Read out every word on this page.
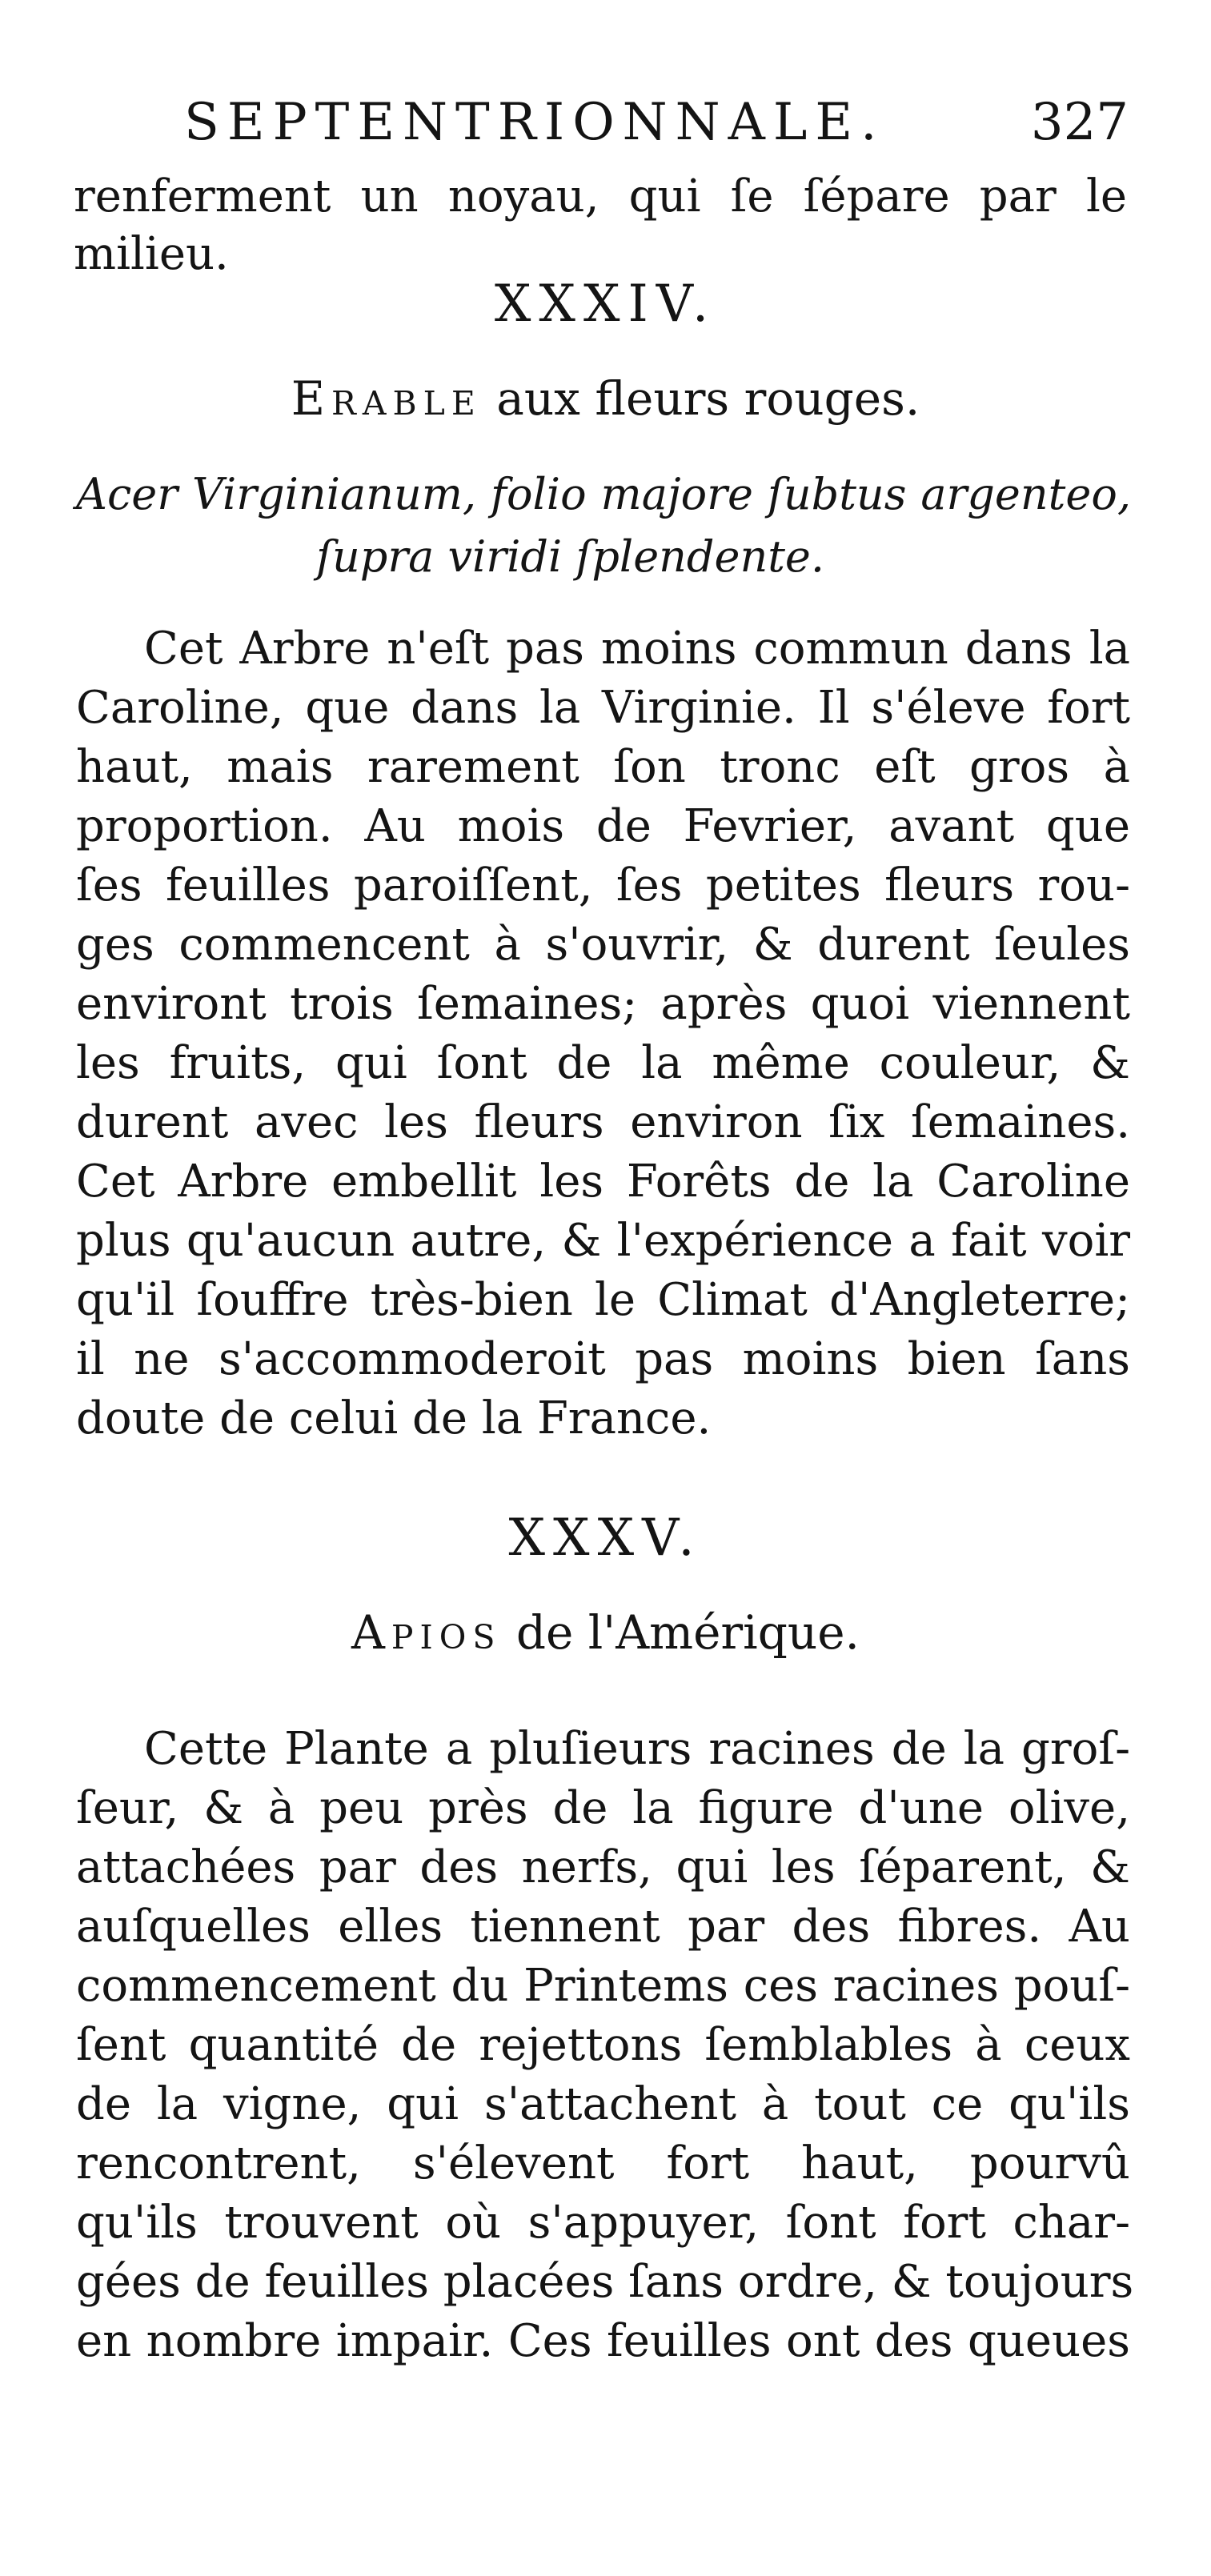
SEPTENTRIONNALE.	327
renferment un noyau, qui ſe ſépare par le
milieu.
XXXIV.
Erable aux fleurs rouges.
Acer Virginianum, folio majore ſubtus argenteo,
ſupra viridi ſplendente.
Cet Arbre n'eſt pas moins commun dans la
Caroline, que dans la Virginie. Il s'éleve fort
haut, mais rarement ſon tronc eſt gros à
proportion. Au mois de Fevrier, avant que
ſes feuilles paroiſſent, ſes petites fleurs rou-
ges commencent à s'ouvrir, & durent ſeules
environt trois ſemaines; après quoi viennent
les fruits, qui ſont de la même couleur, &
durent avec les fleurs environ ſix ſemaines.
Cet Arbre embellit les Forêts de la Caroline
plus qu'aucun autre, & l'expérience a fait voir
qu'il ſouffre très-bien le Climat d'Angleterre;
il ne s'accommoderoit pas moins bien ſans
doute de celui de la France.
XXXV.
Apios de l'Amérique.
Cette Plante a pluſieurs racines de la groſ-
ſeur, & à peu près de la figure d'une olive,
attachées par des nerfs, qui les ſéparent, &
auſquelles elles tiennent par des fibres. Au
commencement du Printems ces racines pouſ-
ſent quantité de rejettons ſemblables à ceux
de la vigne, qui s'attachent à tout ce qu'ils
rencontrent, s'élevent fort haut, pourvû
qu'ils trouvent où s'appuyer, ſont fort char-
gées de feuilles placées ſans ordre, & toujours
en nombre impair. Ces feuilles ont des queues
